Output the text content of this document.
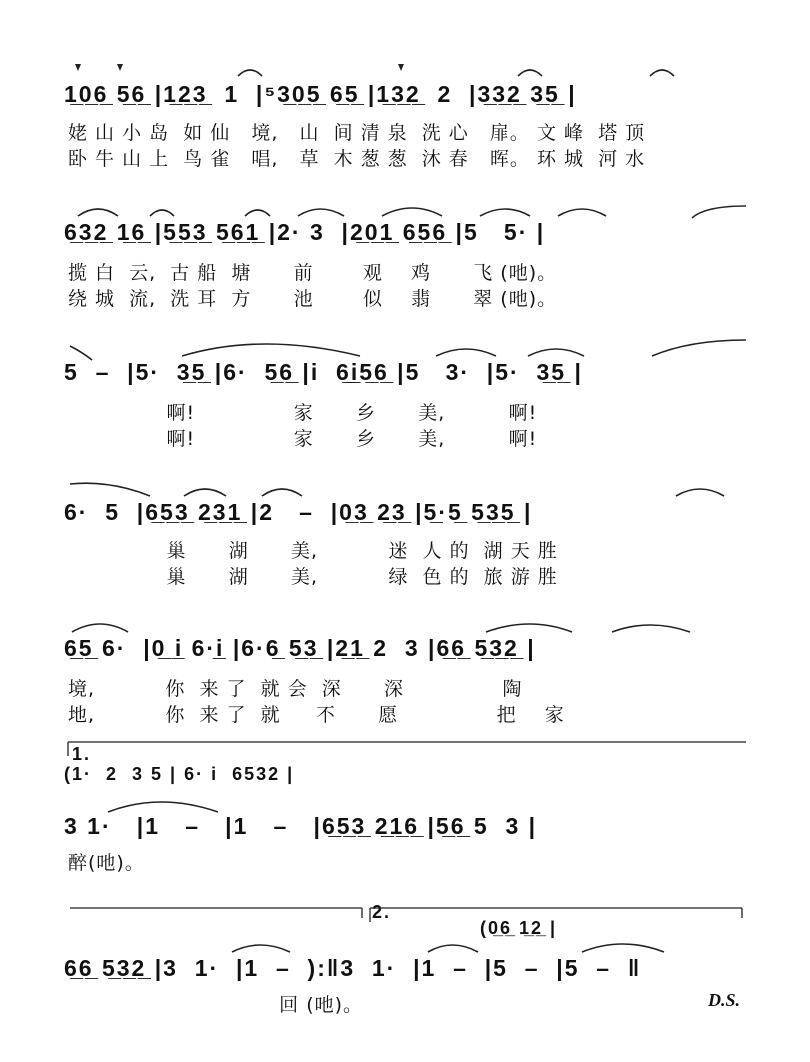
1̲0̲6̲ 5̲6̲ |1̲2̲3̲  1  |⁵3̲0̲5̲ 6̲5̲ |1̲3̲2̲  2  |3̲3̲2̲ 3̲5̲ |
姥 山 小 岛  如 仙   境,   山  间 清 泉  洗 心   扉。 文 峰  塔 顶
卧 牛 山 上  鸟 雀   唱,   草  木 葱 葱  沐 春   晖。 环 城  河 水
6̲3̲2̲ 1̲6̲ |5̲5̲3̲ 5̲6̲1̲ |2· 3  |2̲0̲1̲ 6̲5̲6̲ |5   5· |
揽 白  云,  古 船  塘      前       观    鸡      飞 (吔)。
绕 城  流,  洗 耳  方      池       似    翡      翠 (吔)。
5  –  |5·  3̲5̲ |6·  5̲6̲ |i  6̲i̲5̲6̲ |5   3·  |5·  3̲5̲ |
啊!              家      乡      美,         啊!
啊!              家      乡      美,         啊!
6·  5  |6̲5̲3̲ 2̲3̲1̲ |2   –  |0̲3̲ 2̲3̲ |5̲·5̲ 5̲3̲5̲ |
巢      湖      美,          迷  人 的  湖 天 胜
巢      湖      美,          绿  色 的  旅 游 胜
6̲5̲ 6·  |0̲ i̲ 6·i̲ |6·6̲ 5̲3̲ |2̲1̲ 2  3 |6̲6̲ 5̲3̲2̲ |
境,          你  来 了  就 会  深      深              陶
地,          你  来 了  就     不      愿              把    家
1.
(1·  2  3 5 | 6· i  6532 |
3 1·   |1   –   |1   –   |6̲5̲3̲ 2̲1̲6̲ |5̲6̲ 5  3 |
醉(吔)。
2.
(0̲6̲ 1̲2̲ |
6̲6̲ 5̲3̲2̲ |3  1·  |1  –  ):‖3  1·  |1  –  |5  –  |5  –  ‖
回 (吔)。	D.S.
